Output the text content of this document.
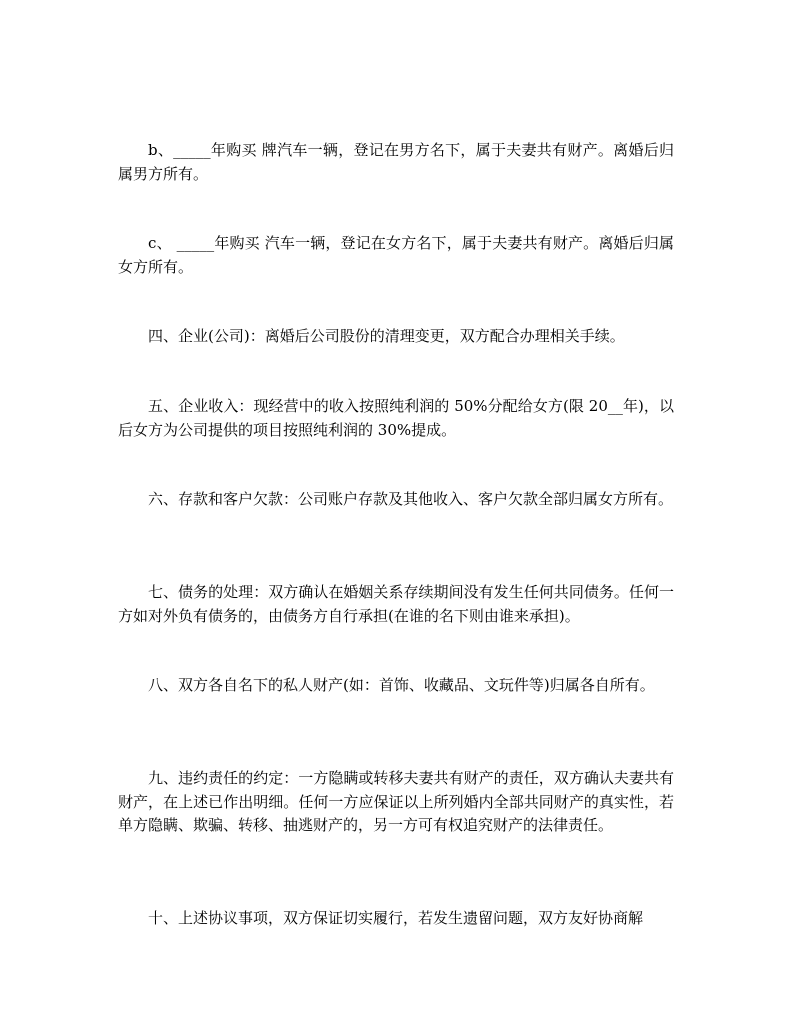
b、_____年购买 牌汽车一辆，登记在男方名下，属于夫妻共有财产。离婚后归属男方所有。

c、 _____年购买 汽车一辆，登记在女方名下，属于夫妻共有财产。离婚后归属女方所有。

四、企业(公司)：离婚后公司股份的清理变更，双方配合办理相关手续。

五、企业收入：现经营中的收入按照纯利润的 50%分配给女方(限 20__年)，以后女方为公司提供的项目按照纯利润的 30%提成。

六、存款和客户欠款：公司账户存款及其他收入、客户欠款全部归属女方所有。

七、债务的处理：双方确认在婚姻关系存续期间没有发生任何共同债务。任何一方如对外负有债务的，由债务方自行承担(在谁的名下则由谁来承担)。

八、双方各自名下的私人财产(如：首饰、收藏品、文玩件等)归属各自所有。

九、违约责任的约定：一方隐瞒或转移夫妻共有财产的责任，双方确认夫妻共有财产，在上述已作出明细。任何一方应保证以上所列婚内全部共同财产的真实性，若单方隐瞒、欺骗、转移、抽逃财产的，另一方可有权追究财产的法律责任。

十、上述协议事项，双方保证切实履行，若发生遗留问题，双方友好协商解
